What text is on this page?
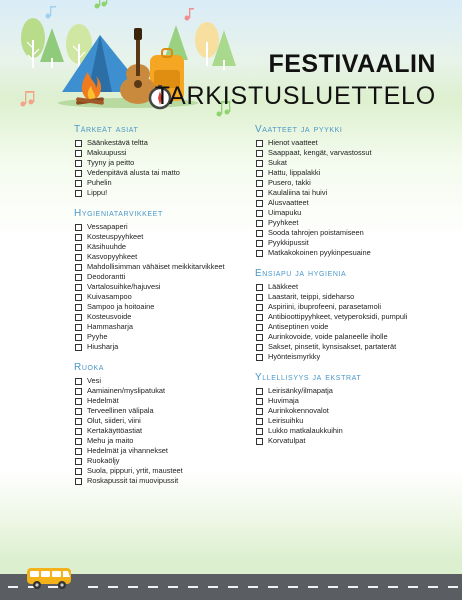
FESTIVAALIN
TARKISTUSLUETTELO
Tärkeät asiat
Säänkestävä teltta
Makuupussi
Tyyny ja peitto
Vedenpitävä alusta tai matto
Puhelin
Lippu!
Hygieniatarvikkeet
Vessapaperi
Kosteuspyyhkeet
Käsihuuhde
Kasvopyyhkeet
Mahdollisimman vähäiset meikkitarvikkeet
Deodorantti
Vartalosuihke/hajuvesi
Kuivasampoo
Sampoo ja hoitoaine
Kosteusvoide
Hammasharja
Pyyhe
Hiusharja
Ruoka
Vesi
Aamiainen/myslipatukat
Hedelmät
Terveellinen välipala
Olut, siideri, viini
Kertakäyttöastiat
Mehu ja maito
Hedelmät ja vihannekset
Ruokaöljy
Suola, pippuri, yrtit, mausteet
Roskapussit tai muovipussit
Vaatteet ja pyykki
Hienot vaatteet
Saappaat, kengät, varvastossut
Sukat
Hattu, lippalakki
Pusero, takki
Kaulaliina tai huivi
Alusvaatteet
Uimapuku
Pyyhkeet
Sooda tahrojen poistamiseen
Pyykkipussit
Matkakokoinen pyykinpesuaine
Ensiapu ja hygienia
Lääkkeet
Laastarit, teippi, sideharso
Aspiriini, ibuprofeeni, parasetamoli
Antibioottipyyhkeet, vetyperoksidi, pumpuli
Antiseptinen voide
Aurinkovoide, voide palaneelle iholle
Sakset, pinsetit, kynsisakset, partaterät
Hyönteismyrkky
Yllellisyys ja ekstrat
Leirisänky/ilmapatja
Huvimaja
Aurinkokennovalot
Leirisuihku
Lukko matkalaukkuihin
Korvatulpat
